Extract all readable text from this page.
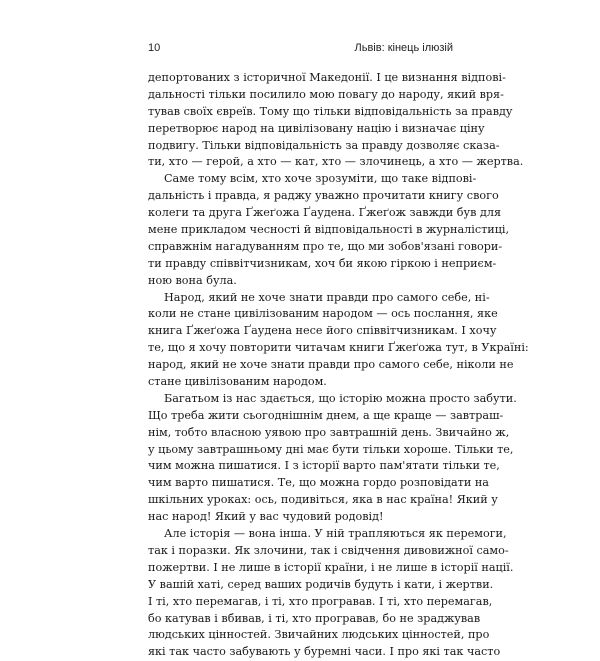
10	Львів: кінець ілюзій
депортованих з історичної Македонії. І це визнання відпові-
дальності тільки посилило мою повагу до народу, який вря-
тував своїх євреїв. Тому що тільки відповідальність за правду
перетворює народ на цивілізовану націю і визначає ціну
подвигу. Тільки відповідальність за правду дозволяє сказа-
ти, хто — герой, а хто — кат, хто — злочинець, а хто — жертва.
Саме тому всім, хто хоче зрозуміти, що таке відпові-
дальність і правда, я раджу уважно прочитати книгу свого
колеги та друга Ґжеґожа Ґаудена. Ґжеґож завжди був для
мене прикладом чесності й відповідальності в журналістиці,
справжнім нагадуванням про те, що ми зобов'язані говори-
ти правду співвітчизникам, хоч би якою гіркою і неприєм-
ною вона була.
Народ, який не хоче знати правди про самого себе, ні-
коли не стане цивілізованим народом — ось послання, яке
книга Ґжеґожа Ґаудена несе його співвітчизникам. І хочу
те, що я хочу повторити читачам книги Ґжеґожа тут, в Україні:
народ, який не хоче знати правди про самого себе, ніколи не
стане цивілізованим народом.
Багатьом із нас здається, що історію можна просто забути.
Що треба жити сьогоднішнім днем, а ще краще — завтраш-
нім, тобто власною уявою про завтрашній день. Звичайно ж,
у цьому завтрашньому дні має бути тільки хороше. Тільки те,
чим можна пишатися. І з історії варто пам'ятати тільки те,
чим варто пишатися. Те, що можна гордо розповідати на
шкільних уроках: ось, подивіться, яка в нас країна! Який у
нас народ! Який у вас чудовий родовід!
Але історія — вона інша. У ній трапляються як перемоги,
так і поразки. Як злочини, так і свідчення дивовижної само-
пожертви. І не лише в історії країни, і не лише в історії нації.
У вашій хаті, серед ваших родичів будуть і кати, і жертви.
І ті, хто перемагав, і ті, хто програвав. І ті, хто перемагав,
бо катував і вбивав, і ті, хто програвав, бо не зраджував
людських цінностей. Звичайних людських цінностей, про
які так часто забувають у буремні часи. І про які так часто
